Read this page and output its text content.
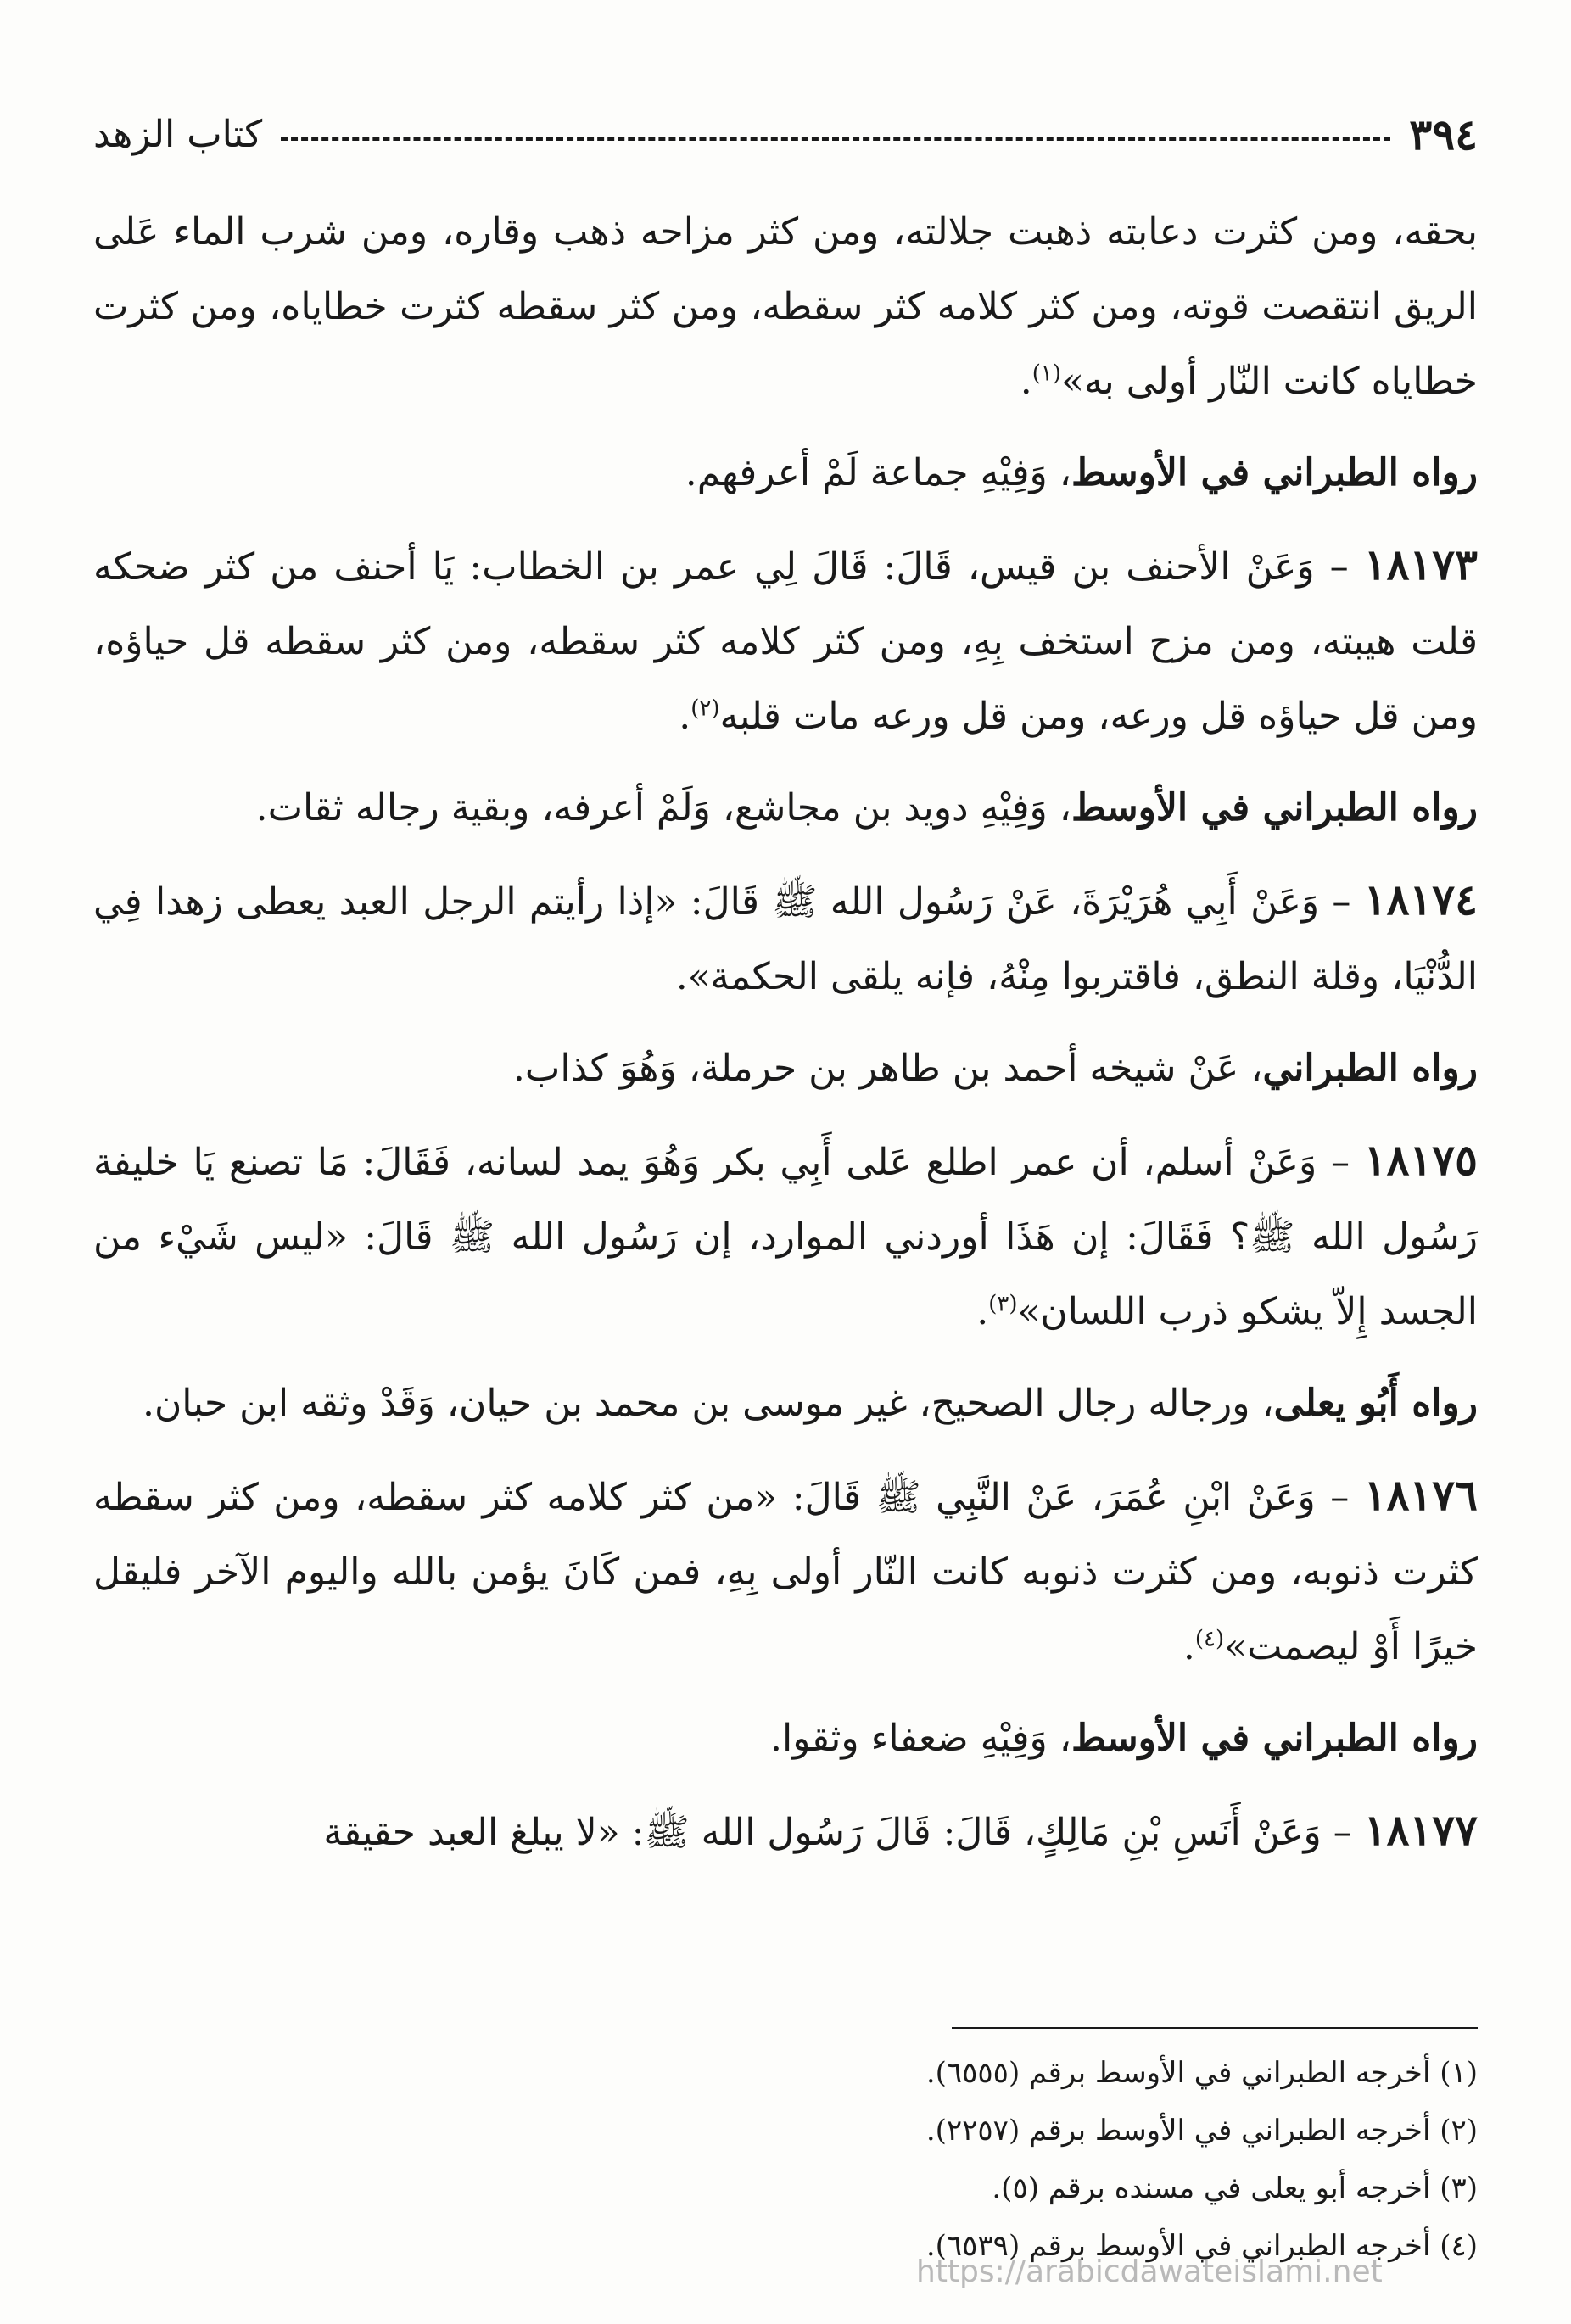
٣٩٤
كتاب الزهد

بحقه، ومن كثرت دعابته ذهبت جلالته، ومن كثر مزاحه ذهب وقاره، ومن شرب الماء عَلى الريق انتقصت قوته، ومن كثر كلامه كثر سقطه، ومن كثر سقطه كثرت خطاياه، ومن كثرت خطاياه كانت النّار أولى به»$^{(١)}$.

رواه الطبراني في الأوسط، وَفِيْهِ جماعة لَمْ أعرفهم.

١٨١٧٣ – وَعَنْ الأحنف بن قيس، قَالَ: قَالَ لِي عمر بن الخطاب: يَا أحنف من كثر ضحكه قلت هيبته، ومن مزح استخف بِهِ، ومن كثر كلامه كثر سقطه، ومن كثر سقطه قل حياؤه، ومن قل حياؤه قل ورعه، ومن قل ورعه مات قلبه$^{(٢)}$.

رواه الطبراني في الأوسط، وَفِيْهِ دويد بن مجاشع، وَلَمْ أعرفه، وبقية رجاله ثقات.

١٨١٧٤ – وَعَنْ أَبِي هُرَيْرَةَ، عَنْ رَسُول الله ﷺ قَالَ: «إذا رأيتم الرجل العبد يعطى زهدا فِي الدُّنْيَا، وقلة النطق، فاقتربوا مِنْهُ، فإنه يلقى الحكمة».

رواه الطبراني، عَنْ شيخه أحمد بن طاهر بن حرملة، وَهُوَ كذاب.

١٨١٧٥ – وَعَنْ أسلم، أن عمر اطلع عَلى أَبِي بكر وَهُوَ يمد لسانه، فَقَالَ: مَا تصنع يَا خليفة رَسُول الله ﷺ؟ فَقَالَ: إن هَذَا أوردني الموارد، إن رَسُول الله ﷺ قَالَ: «ليس شَيْء من الجسد إِلاّ يشكو ذرب اللسان»$^{(٣)}$.

رواه أَبُو يعلى، ورجاله رجال الصحيح، غير موسى بن محمد بن حيان، وَقَدْ وثقه ابن حبان.

١٨١٧٦ – وَعَنْ ابْنِ عُمَرَ، عَنْ النَّبِي ﷺ قَالَ: «من كثر كلامه كثر سقطه، ومن كثر سقطه كثرت ذنوبه، ومن كثرت ذنوبه كانت النّار أولى بِهِ، فمن كَانَ يؤمن بالله واليوم الآخر فليقل خيرًا أَوْ ليصمت»$^{(٤)}$.

رواه الطبراني في الأوسط، وَفِيْهِ ضعفاء وثقوا.

١٨١٧٧ – وَعَنْ أَنَسِ بْنِ مَالِكٍ، قَالَ: قَالَ رَسُول الله ﷺ: «لا يبلغ العبد حقيقة

(١) أخرجه الطبراني في الأوسط برقم (٦٥٥٥).

(٢) أخرجه الطبراني في الأوسط برقم (٢٢٥٧).

(٣) أخرجه أبو يعلى في مسنده برقم (٥).

(٤) أخرجه الطبراني في الأوسط برقم (٦٥٣٩).

https://arabicdawateislami.net
